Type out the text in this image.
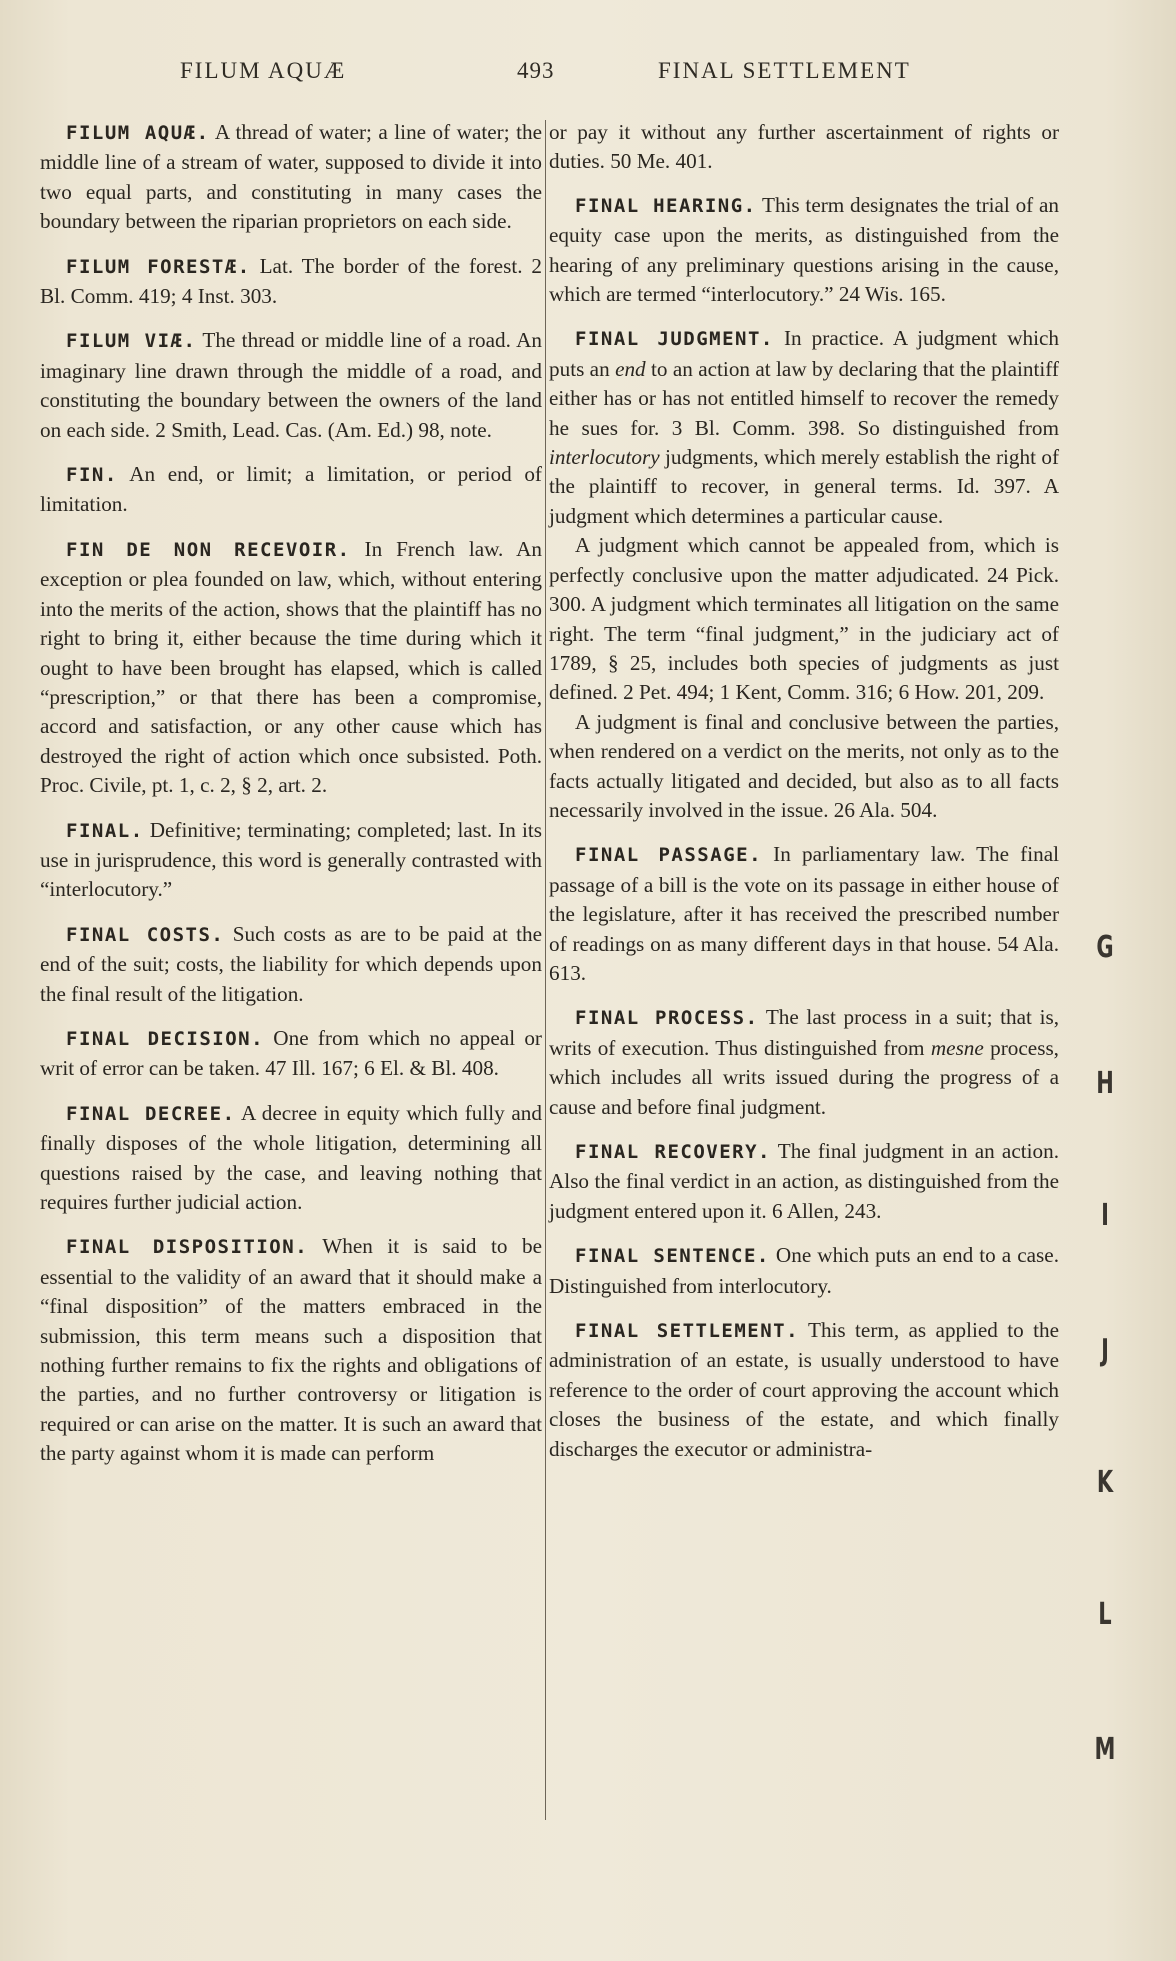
FILUM AQUÆ	493	FINAL SETTLEMENT
FILUM AQUÆ. A thread of water; a line of water; the middle line of a stream of water, supposed to divide it into two equal parts, and constituting in many cases the boundary between the riparian proprietors on each side.
FILUM FORESTÆ. Lat. The border of the forest. 2 Bl. Comm. 419; 4 Inst. 303.
FILUM VIÆ. The thread or middle line of a road. An imaginary line drawn through the middle of a road, and constituting the boundary between the owners of the land on each side. 2 Smith, Lead. Cas. (Am. Ed.) 98, note.
FIN. An end, or limit; a limitation, or period of limitation.
FIN DE NON RECEVOIR. In French law. An exception or plea founded on law, which, without entering into the merits of the action, shows that the plaintiff has no right to bring it, either because the time during which it ought to have been brought has elapsed, which is called “prescription,” or that there has been a compromise, accord and satisfaction, or any other cause which has destroyed the right of action which once subsisted. Poth. Proc. Civile, pt. 1, c. 2, § 2, art. 2.
FINAL. Definitive; terminating; completed; last. In its use in jurisprudence, this word is generally contrasted with “interlocutory.”
FINAL COSTS. Such costs as are to be paid at the end of the suit; costs, the liability for which depends upon the final result of the litigation.
FINAL DECISION. One from which no appeal or writ of error can be taken. 47 Ill. 167; 6 El. & Bl. 408.
FINAL DECREE. A decree in equity which fully and finally disposes of the whole litigation, determining all questions raised by the case, and leaving nothing that requires further judicial action.
FINAL DISPOSITION. When it is said to be essential to the validity of an award that it should make a “final disposition” of the matters embraced in the submission, this term means such a disposition that nothing further remains to fix the rights and obligations of the parties, and no further controversy or litigation is required or can arise on the matter. It is such an award that the party against whom it is made can perform
or pay it without any further ascertainment of rights or duties. 50 Me. 401.
FINAL HEARING. This term designates the trial of an equity case upon the merits, as distinguished from the hearing of any preliminary questions arising in the cause, which are termed “interlocutory.” 24 Wis. 165.

FINAL JUDGMENT. In practice. A judgment which puts an end to an action at law by declaring that the plaintiff either has or has not entitled himself to recover the remedy he sues for. 3 Bl. Comm. 398. So distinguished from interlocutory judgments, which merely establish the right of the plaintiff to recover, in general terms. Id. 397. A judgment which determines a particular cause.

A judgment which cannot be appealed from, which is perfectly conclusive upon the matter adjudicated. 24 Pick. 300. A judgment which terminates all litigation on the same right. The term “final judgment,” in the judiciary act of 1789, § 25, includes both species of judgments as just defined. 2 Pet. 494; 1 Kent, Comm. 316; 6 How. 201, 209.

A judgment is final and conclusive between the parties, when rendered on a verdict on the merits, not only as to the facts actually litigated and decided, but also as to all facts necessarily involved in the issue. 26 Ala. 504.

FINAL PASSAGE. In parliamentary law. The final passage of a bill is the vote on its passage in either house of the legislature, after it has received the prescribed number of readings on as many different days in that house. 54 Ala. 613.
FINAL PROCESS. The last process in a suit; that is, writs of execution. Thus distinguished from mesne process, which includes all writs issued during the progress of a cause and before final judgment.
FINAL RECOVERY. The final judgment in an action. Also the final verdict in an action, as distinguished from the judgment entered upon it. 6 Allen, 243.
FINAL SENTENCE. One which puts an end to a case. Distinguished from interlocutory.
FINAL SETTLEMENT. This term, as applied to the administration of an estate, is usually understood to have reference to the order of court approving the account which closes the business of the estate, and which finally discharges the executor or administra-
G
H
I
J
K
L
M
